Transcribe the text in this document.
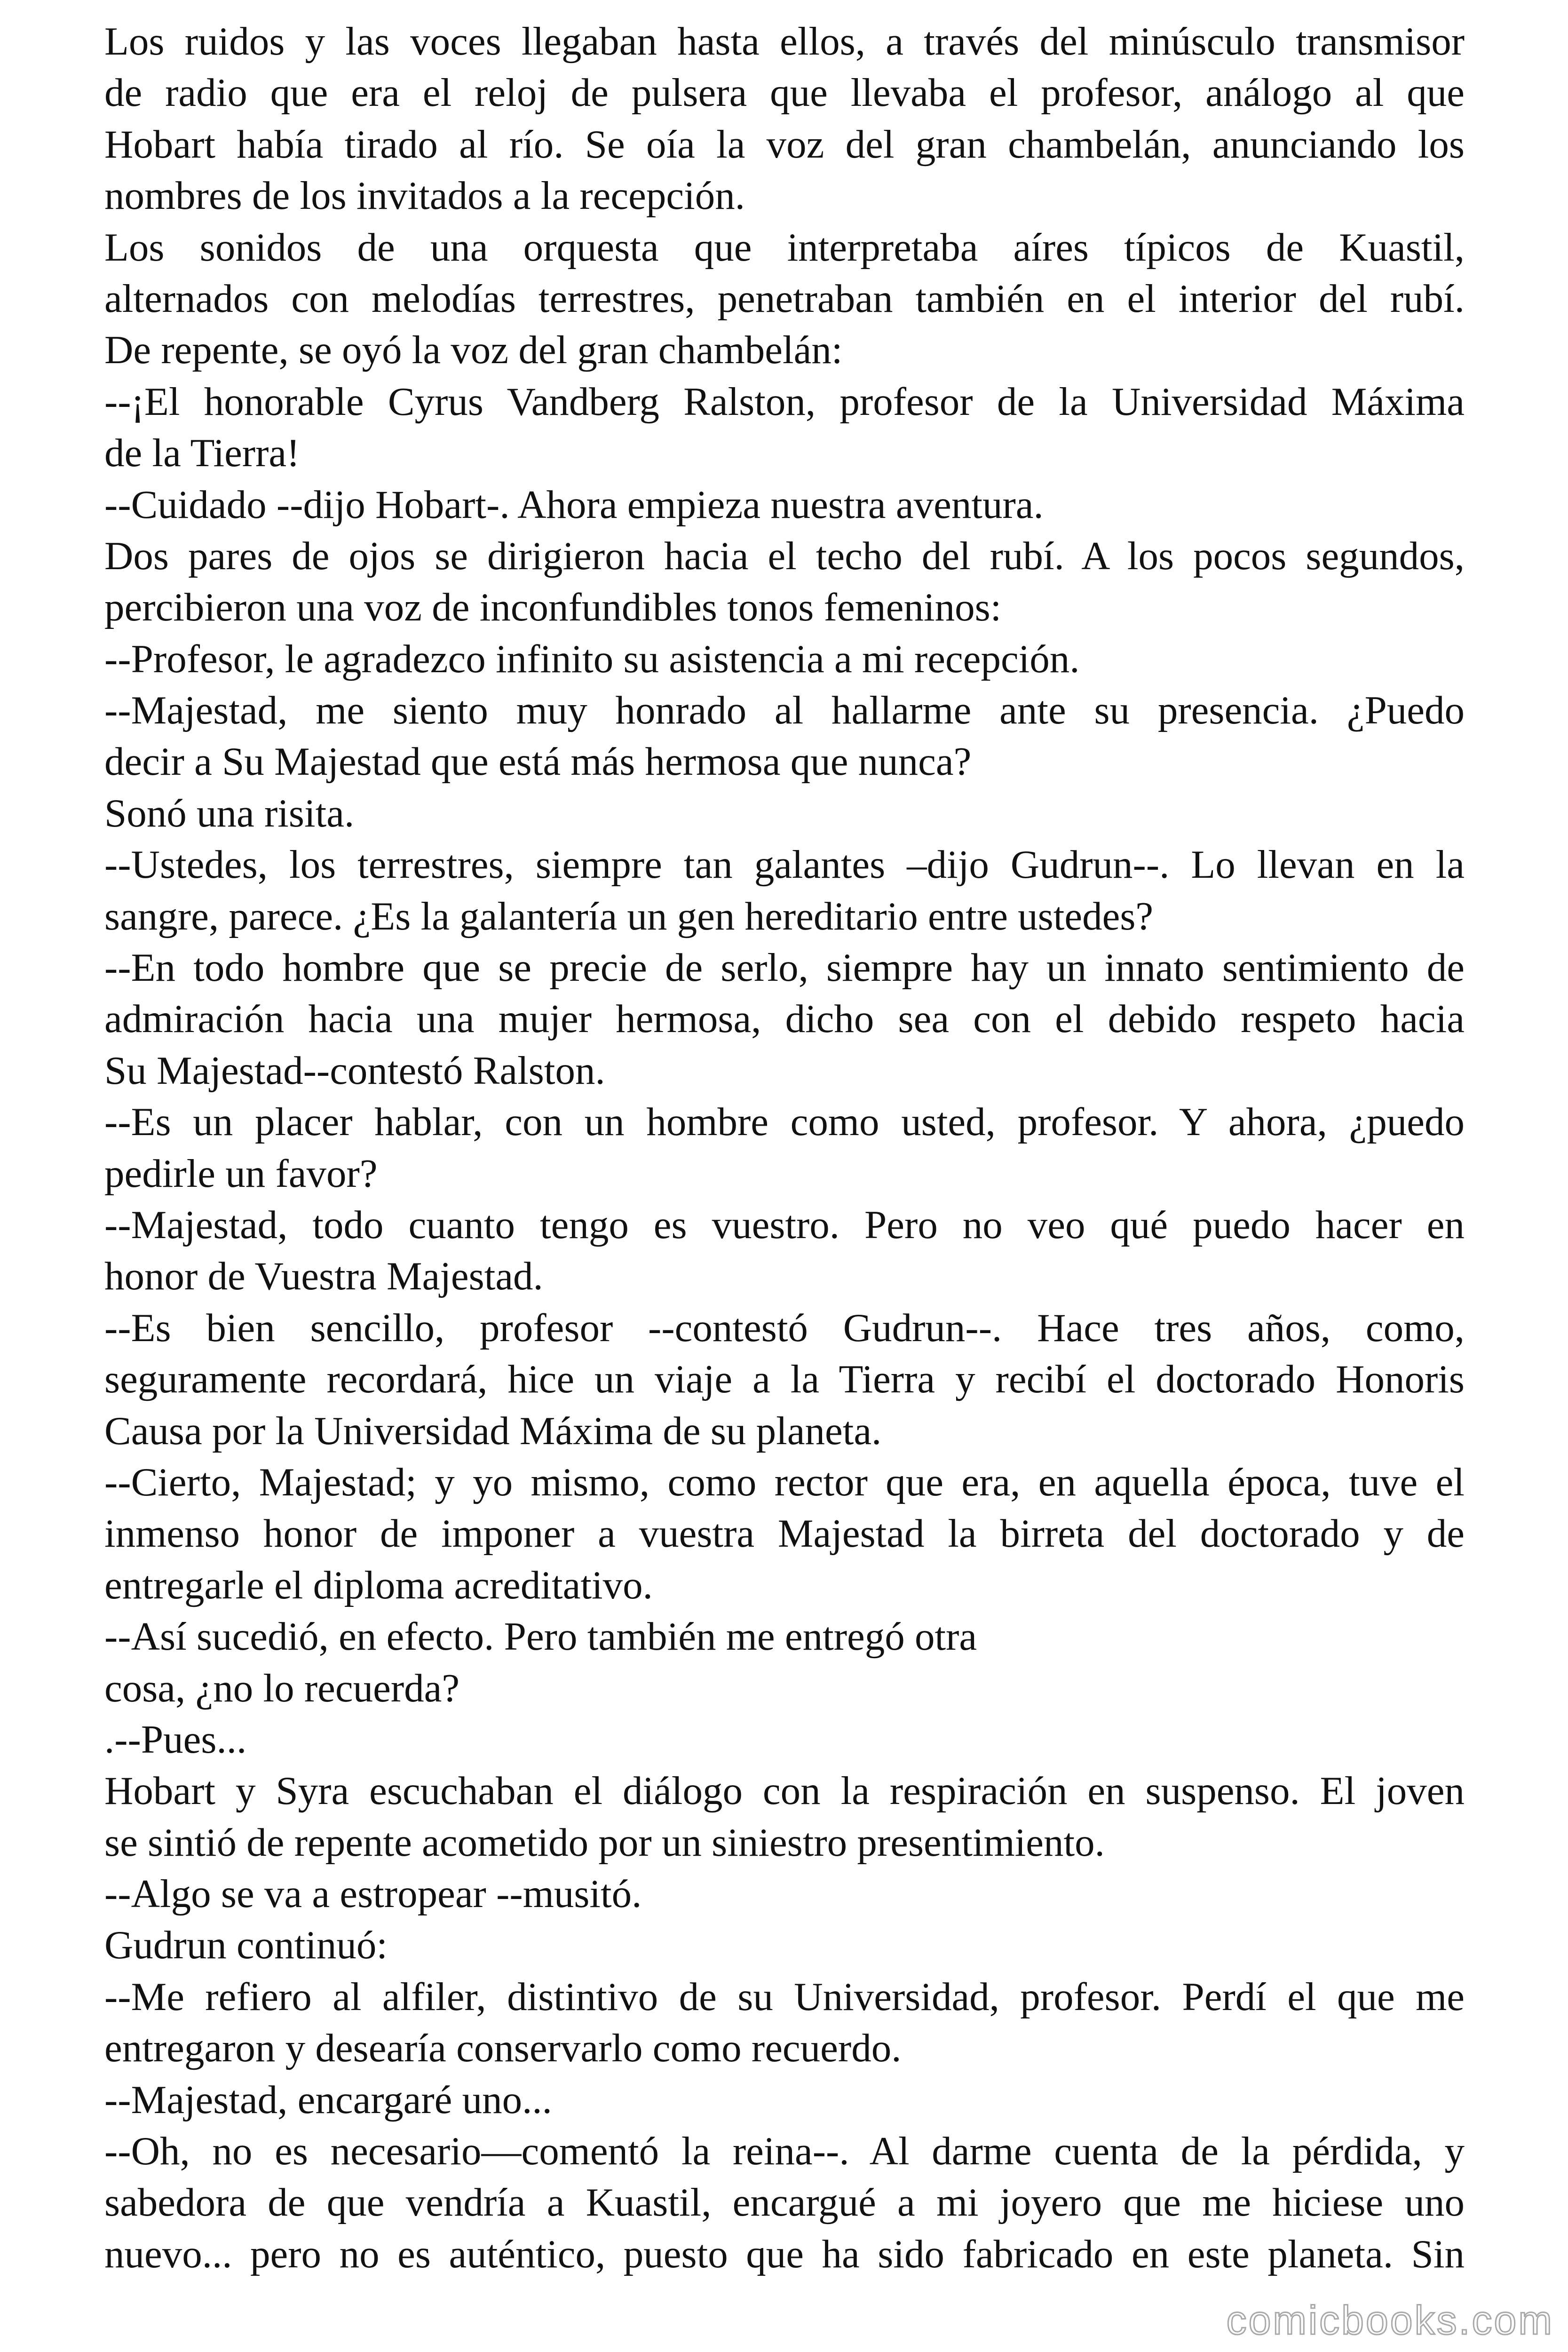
Los ruidos y las voces llegaban hasta ellos, a través del minúsculo transmisor
de radio que era el reloj de pulsera que llevaba el profesor, análogo al que
Hobart había tirado al río. Se oía la voz del gran chambelán, anunciando los
nombres de los invitados a la recepción.
Los sonidos de una orquesta que interpretaba aíres típicos de Kuastil,
alternados con melodías terrestres, penetraban también en el interior del rubí.
De repente, se oyó la voz del gran chambelán:
--¡El honorable Cyrus Vandberg Ralston, profesor de la Universidad Máxima
de la Tierra!
--Cuidado --dijo Hobart-. Ahora empieza nuestra aventura.
Dos pares de ojos se dirigieron hacia el techo del rubí. A los pocos segundos,
percibieron una voz de inconfundibles tonos femeninos:
--Profesor, le agradezco infinito su asistencia a mi recepción.
--Majestad, me siento muy honrado al hallarme ante su presencia. ¿Puedo
decir a Su Majestad que está más hermosa que nunca?
Sonó una risita.
--Ustedes, los terrestres, siempre tan galantes –dijo Gudrun--. Lo llevan en la
sangre, parece. ¿Es la galantería un gen hereditario entre ustedes?
--En todo hombre que se precie de serlo, siempre hay un innato sentimiento de
admiración hacia una mujer hermosa, dicho sea con el debido respeto hacia
Su Majestad--contestó Ralston.
--Es un placer hablar, con un hombre como usted, profesor. Y ahora, ¿puedo
pedirle un favor?
--Majestad, todo cuanto tengo es vuestro. Pero no veo qué puedo hacer en
honor de Vuestra Majestad.
--Es bien sencillo, profesor --contestó Gudrun--. Hace tres años, como,
seguramente recordará, hice un viaje a la Tierra y recibí el doctorado Honoris
Causa por la Universidad Máxima de su planeta.
--Cierto, Majestad; y yo mismo, como rector que era, en aquella época, tuve el
inmenso honor de imponer a vuestra Majestad la birreta del doctorado y de
entregarle el diploma acreditativo.
--Así sucedió, en efecto. Pero también me entregó otra
cosa, ¿no lo recuerda?
.--Pues...
Hobart y Syra escuchaban el diálogo con la respiración en suspenso. El joven
se sintió de repente acometido por un siniestro presentimiento.
--Algo se va a estropear --musitó.
Gudrun continuó:
--Me refiero al alfiler, distintivo de su Universidad, profesor. Perdí el que me
entregaron y desearía conservarlo como recuerdo.
--Majestad, encargaré uno...
--Oh, no es necesario—comentó la reina--. Al darme cuenta de la pérdida, y
sabedora de que vendría a Kuastil, encargué a mi joyero que me hiciese uno
nuevo... pero no es auténtico, puesto que ha sido fabricado en este planeta. Sin
comicbooks.com
